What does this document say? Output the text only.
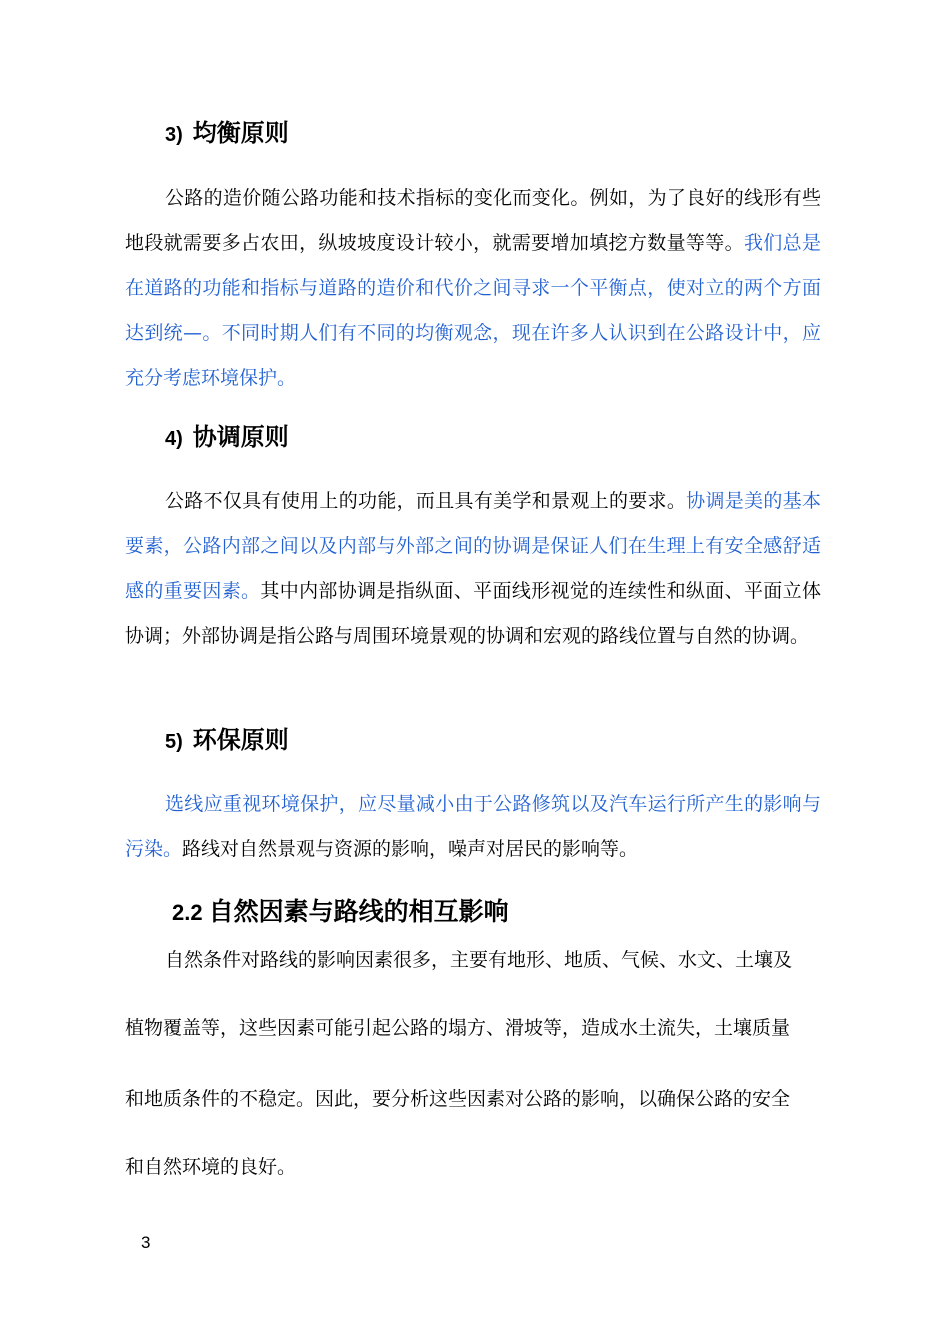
3) 均衡原则

公路的造价随公路功能和技术指标的变化而变化。例如，为了良好的线形有些地段就需要多占农田，纵坡坡度设计较小，就需要增加填挖方数量等等。我们总是在道路的功能和指标与道路的造价和代价之间寻求一个平衡点，使对立的两个方面达到统—。不同时期人们有不同的均衡观念，现在许多人认识到在公路设计中，应充分考虑环境保护。

4) 协调原则

公路不仅具有使用上的功能，而且具有美学和景观上的要求。协调是美的基本要素，公路内部之间以及内部与外部之间的协调是保证人们在生理上有安全感舒适感的重要因素。其中内部协调是指纵面、平面线形视觉的连续性和纵面、平面立体协调；外部协调是指公路与周围环境景观的协调和宏观的路线位置与自然的协调。

5) 环保原则

选线应重视环境保护，应尽量减小由于公路修筑以及汽车运行所产生的影响与污染。路线对自然景观与资源的影响，噪声对居民的影响等。

2.2 自然因素与路线的相互影响

自然条件对路线的影响因素很多，主要有地形、地质、气候、水文、土壤及

植物覆盖等，这些因素可能引起公路的塌方、滑坡等，造成水土流失，土壤质量

和地质条件的不稳定。因此，要分析这些因素对公路的影响，以确保公路的安全

和自然环境的良好。

3
